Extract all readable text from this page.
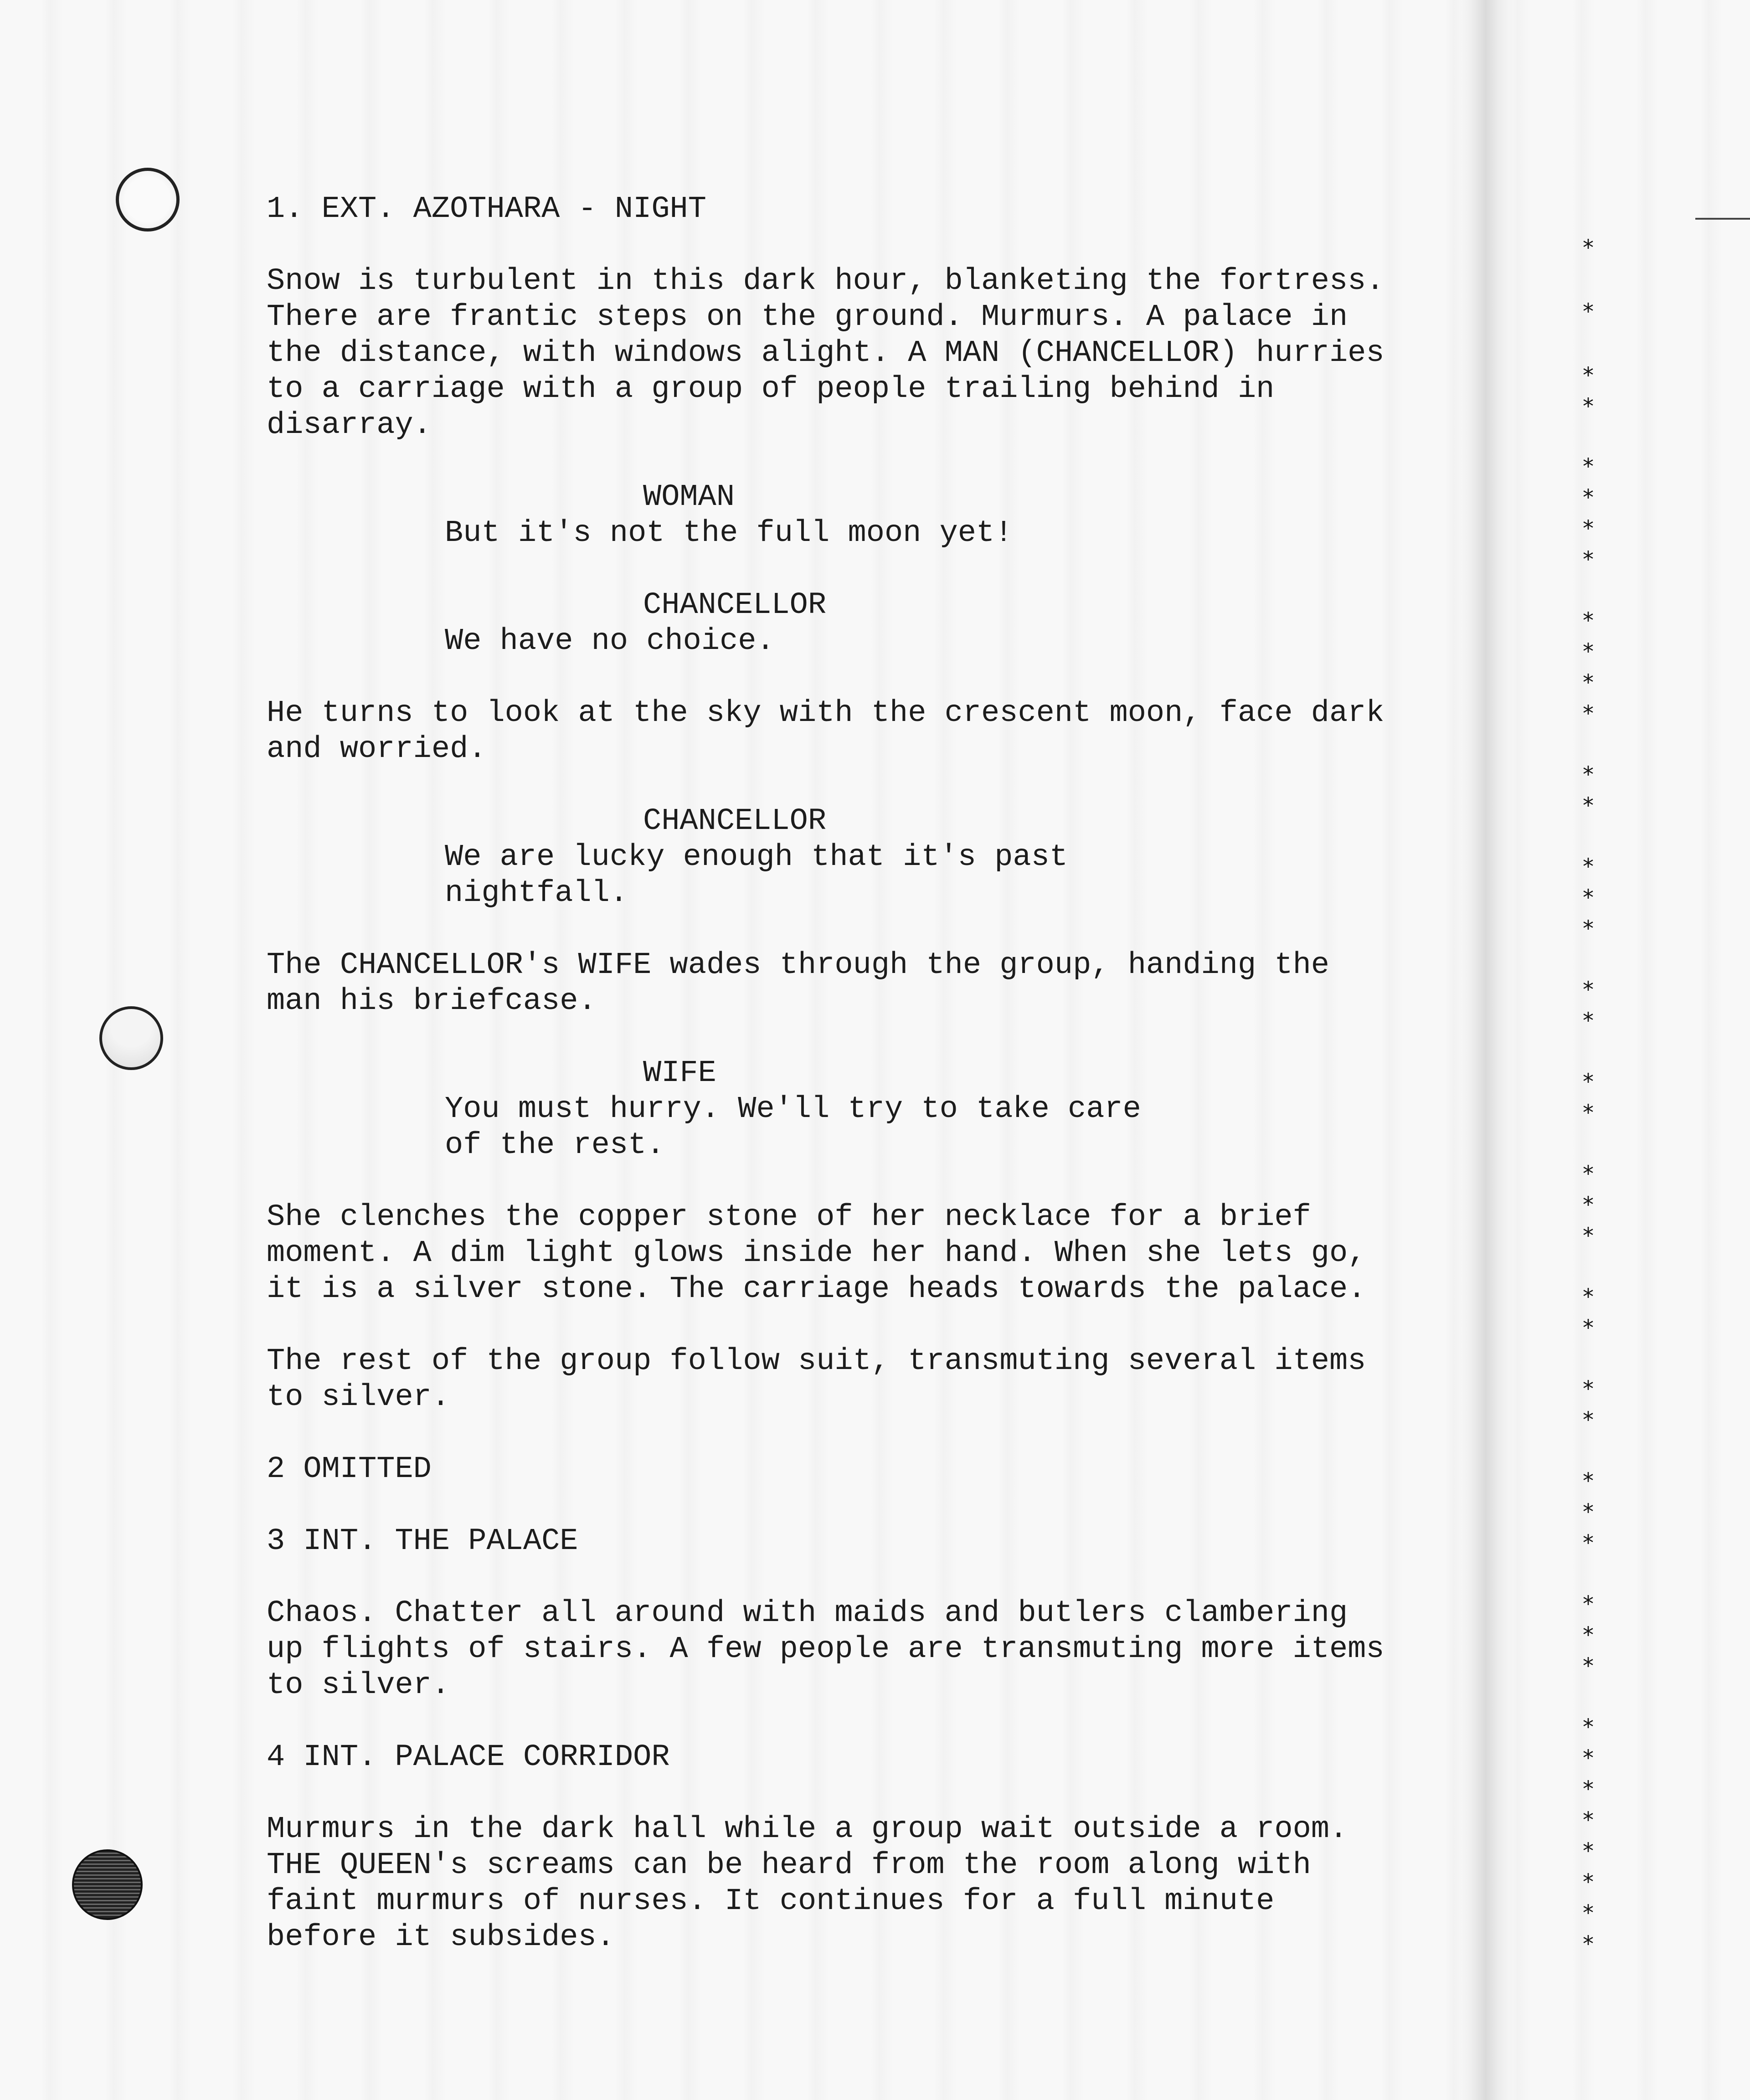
1. EXT. AZOTHARA - NIGHT
Snow is turbulent in this dark hour, blanketing the fortress.
There are frantic steps on the ground. Murmurs. A palace in
the distance, with windows alight. A MAN (CHANCELLOR) hurries
to a carriage with a group of people trailing behind in
disarray.
WOMAN
But it's not the full moon yet!
CHANCELLOR
We have no choice.
He turns to look at the sky with the crescent moon, face dark
and worried.
CHANCELLOR
We are lucky enough that it's past
nightfall.
The CHANCELLOR's WIFE wades through the group, handing the
man his briefcase.
WIFE
You must hurry. We'll try to take care
of the rest.
She clenches the copper stone of her necklace for a brief
moment. A dim light glows inside her hand. When she lets go,
it is a silver stone. The carriage heads towards the palace.
The rest of the group follow suit, transmuting several items
to silver.
2 OMITTED
3 INT. THE PALACE
Chaos. Chatter all around with maids and butlers clambering
up flights of stairs. A few people are transmuting more items
to silver.
4 INT. PALACE CORRIDOR
Murmurs in the dark hall while a group wait outside a room.
THE QUEEN's screams can be heard from the room along with
faint murmurs of nurses. It continues for a full minute
before it subsides.
*
*
*
*
*
*
*
*
*
*
*
*
*
*
*
*
*
*
*
*
*
*
*
*
*
*
*
*
*
*
*
*
*
*
*
*
*
*
*
*
*
*
